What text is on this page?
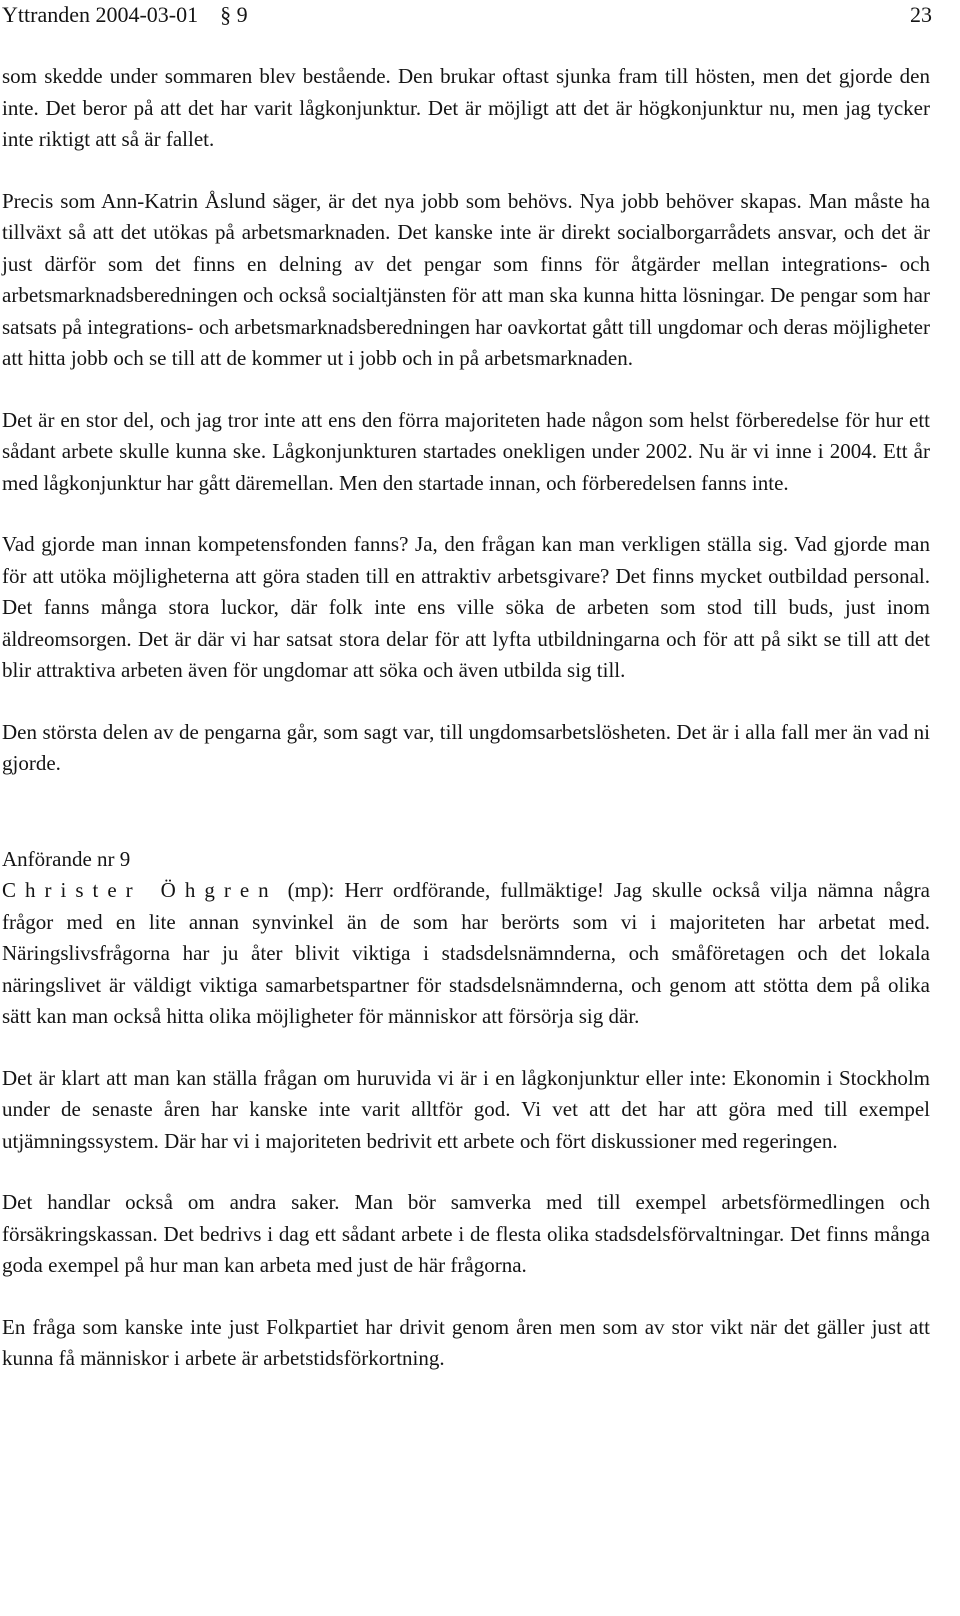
Yttranden 2004-03-01    § 9	23

som skedde under sommaren blev bestående. Den brukar oftast sjunka fram till hösten, men det gjorde den inte. Det beror på att det har varit lågkonjunktur. Det är möjligt att det är högkonjunktur nu, men jag tycker inte riktigt att så är fallet.

Precis som Ann-Katrin Åslund säger, är det nya jobb som behövs. Nya jobb behöver skapas. Man måste ha tillväxt så att det utökas på arbetsmarknaden. Det kanske inte är direkt socialborgarrådets ansvar, och det är just därför som det finns en delning av det pengar som finns för åtgärder mellan integrations- och arbetsmarknadsberedningen och också socialtjänsten för att man ska kunna hitta lösningar. De pengar som har satsats på integrations- och arbetsmarknadsberedningen har oavkortat gått till ungdomar och deras möjligheter att hitta jobb och se till att de kommer ut i jobb och in på arbetsmarknaden.

Det är en stor del, och jag tror inte att ens den förra majoriteten hade någon som helst förberedelse för hur ett sådant arbete skulle kunna ske. Lågkonjunkturen startades onekligen under 2002. Nu är vi inne i 2004. Ett år med lågkonjunktur har gått däremellan. Men den startade innan, och förberedelsen fanns inte.

Vad gjorde man innan kompetensfonden fanns? Ja, den frågan kan man verkligen ställa sig. Vad gjorde man för att utöka möjligheterna att göra staden till en attraktiv arbetsgivare? Det finns mycket outbildad personal. Det fanns många stora luckor, där folk inte ens ville söka de arbeten som stod till buds, just inom äldreomsorgen. Det är där vi har satsat stora delar för att lyfta utbildningarna och för att på sikt se till att det blir attraktiva arbeten även för ungdomar att söka och även utbilda sig till.

Den största delen av de pengarna går, som sagt var, till ungdomsarbetslösheten. Det är i alla fall mer än vad ni gjorde.

Anförande nr 9

Christer Öhgren (mp): Herr ordförande, fullmäktige! Jag skulle också vilja nämna några frågor med en lite annan synvinkel än de som har berörts som vi i majoriteten har arbetat med. Näringslivsfrågorna har ju åter blivit viktiga i stadsdelsnämnderna, och småföretagen och det lokala näringslivet är väldigt viktiga samarbetspartner för stadsdelsnämnderna, och genom att stötta dem på olika sätt kan man också hitta olika möjligheter för människor att försörja sig där.

Det är klart att man kan ställa frågan om huruvida vi är i en lågkonjunktur eller inte: Ekonomin i Stockholm under de senaste åren har kanske inte varit alltför god. Vi vet att det har att göra med till exempel utjämningssystem. Där har vi i majoriteten bedrivit ett arbete och fört diskussioner med regeringen.

Det handlar också om andra saker. Man bör samverka med till exempel arbetsförmedlingen och försäkringskassan. Det bedrivs i dag ett sådant arbete i de flesta olika stadsdelsförvaltningar. Det finns många goda exempel på hur man kan arbeta med just de här frågorna.

En fråga som kanske inte just Folkpartiet har drivit genom åren men som av stor vikt när det gäller just att kunna få människor i arbete är arbetstidsförkortning.
